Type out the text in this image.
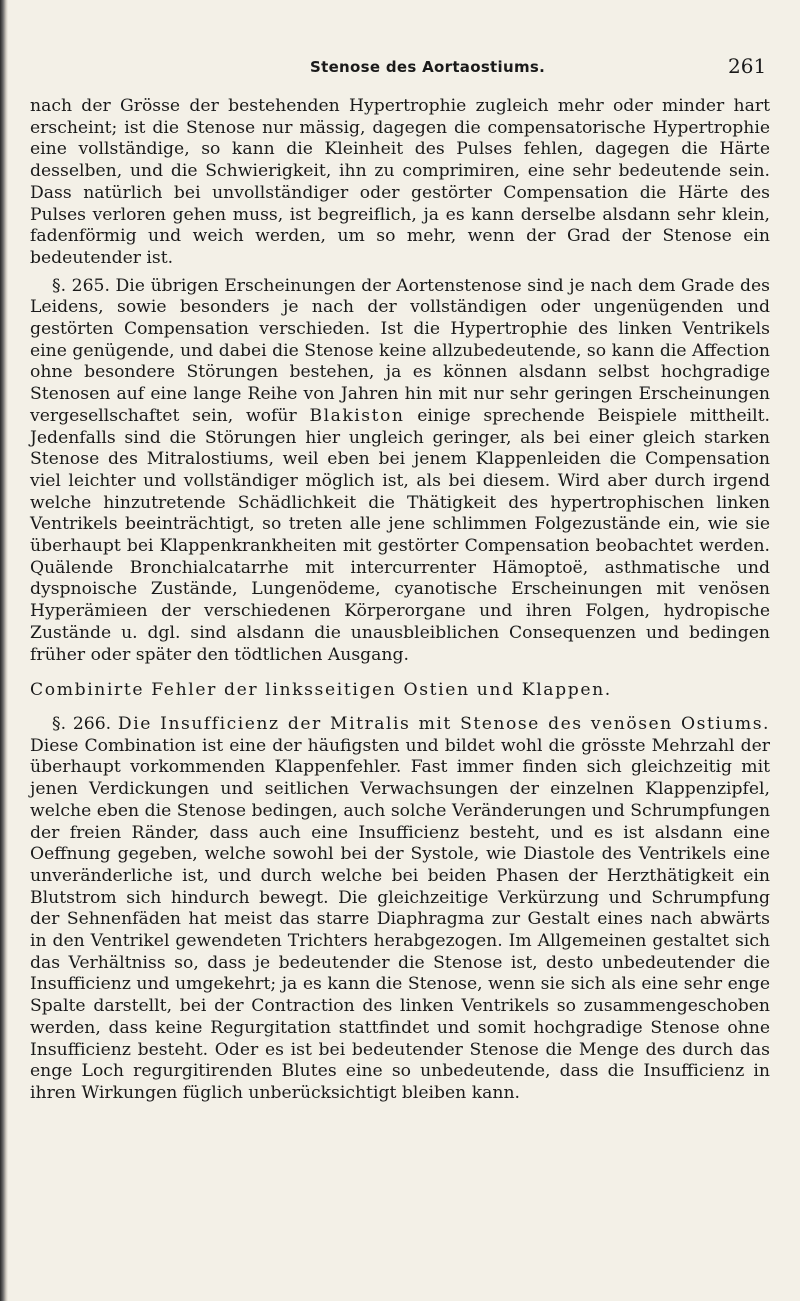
Stenose des Aortaostiums.	261

nach der Grösse der bestehenden Hypertrophie zugleich mehr oder minder hart erscheint; ist die Stenose nur mässig, dagegen die compensatorische Hypertrophie eine vollständige, so kann die Kleinheit des Pulses fehlen, dagegen die Härte desselben, und die Schwierigkeit, ihn zu comprimiren, eine sehr bedeutende sein. Dass natürlich bei unvollständiger oder gestörter Compensation die Härte des Pulses verloren gehen muss, ist begreiflich, ja es kann derselbe alsdann sehr klein, fadenförmig und weich werden, um so mehr, wenn der Grad der Stenose ein bedeutender ist.

§. 265. Die übrigen Erscheinungen der Aortenstenose sind je nach dem Grade des Leidens, sowie besonders je nach der vollständigen oder ungenügenden und gestörten Compensation verschieden. Ist die Hypertrophie des linken Ventrikels eine genügende, und dabei die Stenose keine allzubedeutende, so kann die Affection ohne besondere Störungen bestehen, ja es können alsdann selbst hochgradige Stenosen auf eine lange Reihe von Jahren hin mit nur sehr geringen Erscheinungen vergesellschaftet sein, wofür Blakiston einige sprechende Beispiele mittheilt. Jedenfalls sind die Störungen hier ungleich geringer, als bei einer gleich starken Stenose des Mitralostiums, weil eben bei jenem Klappenleiden die Compensation viel leichter und vollständiger möglich ist, als bei diesem. Wird aber durch irgend welche hinzutretende Schädlichkeit die Thätigkeit des hypertrophischen linken Ventrikels beeinträchtigt, so treten alle jene schlimmen Folgezustände ein, wie sie überhaupt bei Klappenkrankheiten mit gestörter Compensation beobachtet werden. Quälende Bronchialcatarrhe mit intercurrenter Hämoptoë, asthmatische und dyspnoische Zustände, Lungenödeme, cyanotische Erscheinungen mit venösen Hyperämieen der verschiedenen Körperorgane und ihren Folgen, hydropische Zustände u. dgl. sind alsdann die unausbleiblichen Consequenzen und bedingen früher oder später den tödtlichen Ausgang.

Combinirte Fehler der linksseitigen Ostien und Klappen.

§. 266. Die Insufficienz der Mitralis mit Stenose des venösen Ostiums. Diese Combination ist eine der häufigsten und bildet wohl die grösste Mehrzahl der überhaupt vorkommenden Klappenfehler. Fast immer finden sich gleichzeitig mit jenen Verdickungen und seitlichen Verwachsungen der einzelnen Klappenzipfel, welche eben die Stenose bedingen, auch solche Veränderungen und Schrumpfungen der freien Ränder, dass auch eine Insufficienz besteht, und es ist alsdann eine Oeffnung gegeben, welche sowohl bei der Systole, wie Diastole des Ventrikels eine unveränderliche ist, und durch welche bei beiden Phasen der Herzthätigkeit ein Blutstrom sich hindurch bewegt. Die gleichzeitige Verkürzung und Schrumpfung der Sehnenfäden hat meist das starre Diaphragma zur Gestalt eines nach abwärts in den Ventrikel gewendeten Trichters herabgezogen. Im Allgemeinen gestaltet sich das Verhältniss so, dass je bedeutender die Stenose ist, desto unbedeutender die Insufficienz und umgekehrt; ja es kann die Stenose, wenn sie sich als eine sehr enge Spalte darstellt, bei der Contraction des linken Ventrikels so zusammengeschoben werden, dass keine Regurgitation stattfindet und somit hochgradige Stenose ohne Insufficienz besteht. Oder es ist bei bedeutender Stenose die Menge des durch das enge Loch regurgitirenden Blutes eine so unbedeutende, dass die Insufficienz in ihren Wirkungen füglich unberücksichtigt bleiben kann.
